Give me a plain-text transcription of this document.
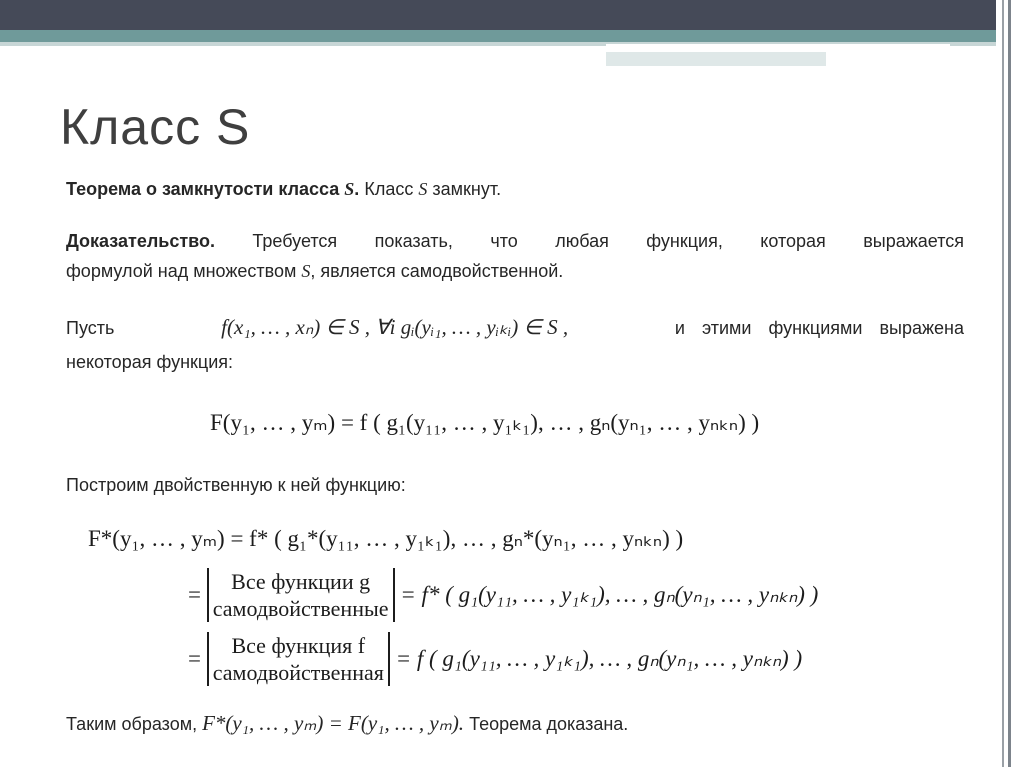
Класс S
Теорема о замкнутости класса S. Класс S замкнут.
Доказательство. Требуется показать, что любая функция, которая выражается
формулой над множеством S, является самодвойственной.
Пусть	f(x₁, … , xₙ) ∈ S , ∀i gᵢ(yᵢ₁, … , yᵢₖᵢ) ∈ S ,	и этими функциями выражена
некоторая функция:
F(y₁, … , yₘ) = f ( g₁(y₁₁, … , y₁ₖ₁), … , gₙ(yₙ₁, … , yₙₖₙ) )
Построим двойственную к ней функцию:
F*(y₁, … , yₘ) = f* ( g₁*(y₁₁, … , y₁ₖ₁), … , gₙ*(yₙ₁, … , yₙₖₙ) )
=
Все функции g
самодвойственные
= f* ( g₁(y₁₁, … , y₁ₖ₁), … , gₙ(yₙ₁, … , yₙₖₙ) )
=
Все функция f
самодвойственная
= f ( g₁(y₁₁, … , y₁ₖ₁), … , gₙ(yₙ₁, … , yₙₖₙ) )
Таким образом, F*(y₁, … , yₘ) = F(y₁, … , yₘ). Теорема доказана.
